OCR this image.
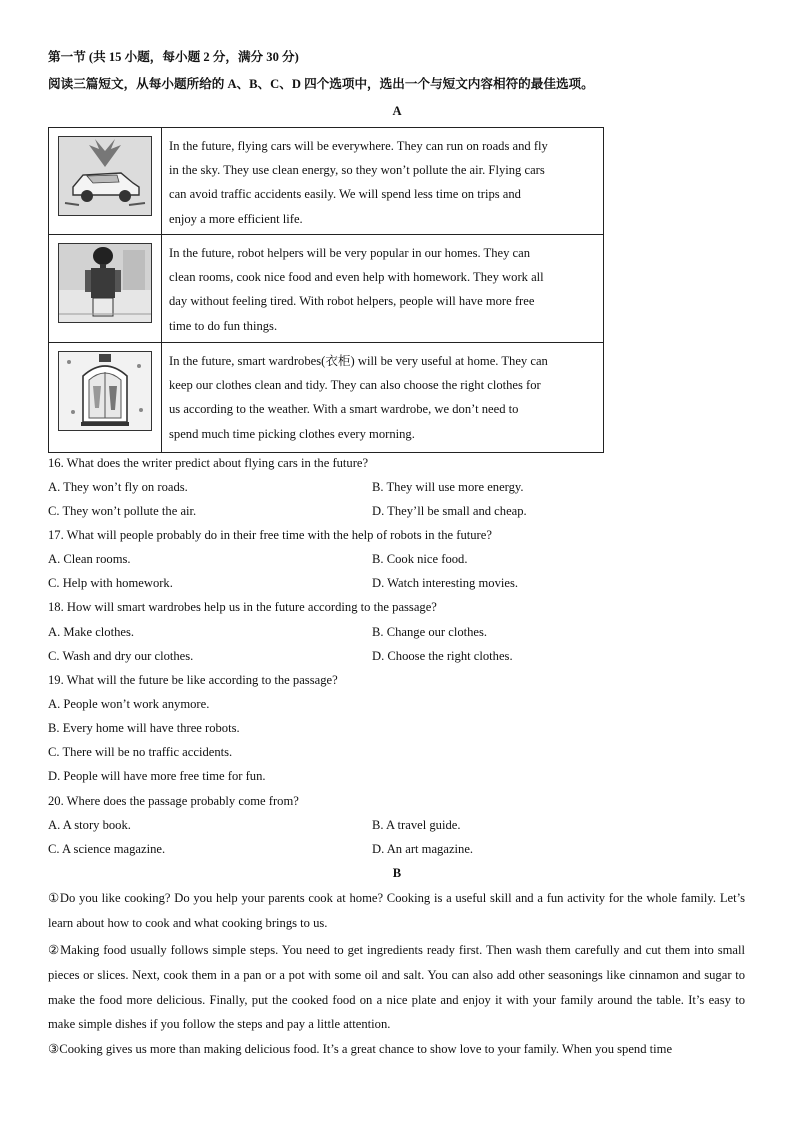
第一节 (共 15 小题，每小题 2 分，满分 30 分)
阅读三篇短文，从每小题所给的 A、B、C、D 四个选项中，选出一个与短文内容相符的最佳选项。
A

In the future, flying cars will be everywhere. They can run on roads and fly
in the sky. They use clean energy, so they won’t pollute the air. Flying cars
can avoid traffic accidents easily. We will spend less time on trips and
enjoy a more efficient life.

In the future, robot helpers will be very popular in our homes. They can
clean rooms, cook nice food and even help with homework. They work all
day without feeling tired. With robot helpers, people will have more free
time to do fun things.

In the future, smart wardrobes(衣柜) will be very useful at home. They can
keep our clothes clean and tidy. They can also choose the right clothes for
us according to the weather. With a smart wardrobe, we don’t need to
spend much time picking clothes every morning.
16. What does the writer predict about flying cars in the future?
A. They won’t fly on roads.	B. They will use more energy.
C. They won’t pollute the air.	D. They’ll be small and cheap.
17. What will people probably do in their free time with the help of robots in the future?
A. Clean rooms.	B. Cook nice food.
C. Help with homework.	D. Watch interesting movies.
18. How will smart wardrobes help us in the future according to the passage?
A. Make clothes.	B. Change our clothes.
C. Wash and dry our clothes.	D. Choose the right clothes.
19. What will the future be like according to the passage?
A. People won’t work anymore.
B. Every home will have three robots.
C. There will be no traffic accidents.
D. People will have more free time for fun.
20. Where does the passage probably come from?
A. A story book.	B. A travel guide.
C. A science magazine.	D. An art magazine.
B
①Do you like cooking? Do you help your parents cook at home? Cooking is a useful skill and a fun activity for the whole family. Let’s learn about how to cook and what cooking brings to us.
②Making food usually follows simple steps. You need to get ingredients ready first. Then wash them carefully and cut them into small pieces or slices. Next, cook them in a pan or a pot with some oil and salt. You can also add other seasonings like cinnamon and sugar to make the food more delicious. Finally, put the cooked food on a nice plate and enjoy it with your family around the table. It’s easy to make simple dishes if you follow the steps and pay a little attention.
③Cooking gives us more than making delicious food. It’s a great chance to show love to your family. When you spend time
